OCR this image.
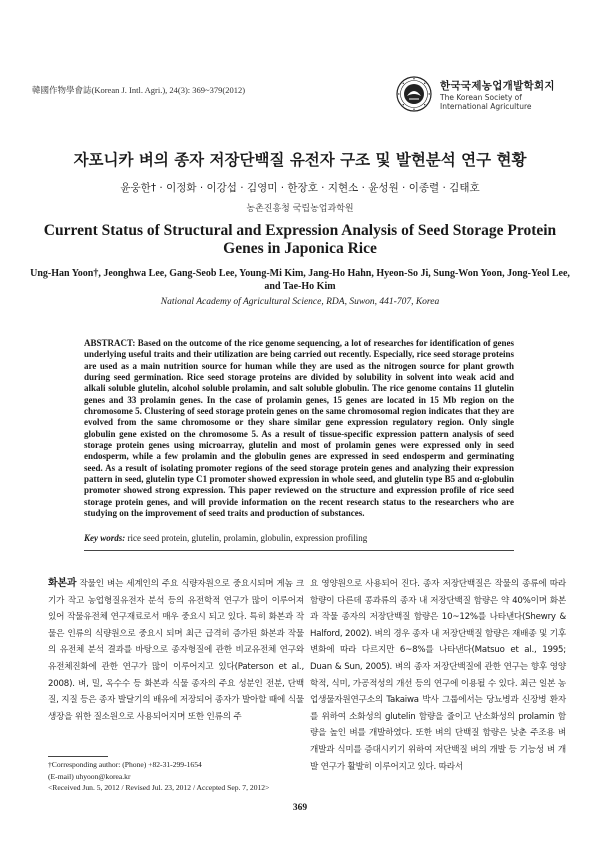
韓國作物學會誌(Korean J. Intl. Agri.), 24(3): 369~379(2012)	한국국제농업개발학회지
The Korean Society of International Agriculture
자포니카 벼의 종자 저장단백질 유전자 구조 및 발현분석 연구 현황
윤웅한† · 이정화 · 이강섭 · 김영미 · 한장호 · 지현소 · 윤성원 · 이종렬 · 김태호
농촌진흥청 국립농업과학원
Current Status of Structural and Expression Analysis of Seed Storage Protein Genes in Japonica Rice
Ung-Han Yoon†, Jeonghwa Lee, Gang-Seob Lee, Young-Mi Kim, Jang-Ho Hahn, Hyeon-So Ji, Sung-Won Yoon, Jong-Yeol Lee, and Tae-Ho Kim
National Academy of Agricultural Science, RDA, Suwon, 441-707, Korea
ABSTRACT: Based on the outcome of the rice genome sequencing, a lot of researches for identification of genes underlying useful traits and their utilization are being carried out recently. Especially, rice seed storage proteins are used as a main nutrition source for human while they are used as the nitrogen source for plant growth during seed germination. Rice seed storage proteins are divided by solubility in solvent into weak acid and alkali soluble glutelin, alcohol soluble prolamin, and salt soluble globulin. The rice genome contains 11 glutelin genes and 33 prolamin genes. In the case of prolamin genes, 15 genes are located in 15 Mb region on the chromosome 5. Clustering of seed storage protein genes on the same chromosomal region indicates that they are evolved from the same chromosome or they share similar gene expression regulatory region. Only single globulin gene existed on the chromosome 5. As a result of tissue-specific expression pattern analysis of seed storage protein genes using microarray, glutelin and most of prolamin genes were expressed only in seed endosperm, while a few prolamin and the globulin genes are expressed in seed endosperm and germinating seed. As a result of isolating promoter regions of the seed storage protein genes and analyzing their expression pattern in seed, glutelin type C1 promoter showed expression in whole seed, and glutelin type B5 and α-globulin promoter showed strong expression. This paper reviewed on the structure and expression profile of rice seed storage protein genes, and will provide information on the recent research status to the researchers who are studying on the improvement of seed traits and production of substances.
Key words: rice seed protein, glutelin, prolamin, globulin, expression profiling
화본과 작물인 벼는 세계인의 주요 식량자원으로 중요시되며 게놈 크기가 작고 농업형질유전자 분석 등의 유전학적 연구가 많이 이루어져 있어 작물유전체 연구재료로서 매우 중요시 되고 있다. 특히 화본과 작물은 인류의 식량원으로 중요시 되며 최근 급격히 증가된 화본과 작물의 유전체 분석 결과를 바탕으로 종자형질에 관한 비교유전체 연구와 유전체진화에 관한 연구가 많이 이루어지고 있다(Paterson et al., 2008). 벼, 밀, 옥수수 등 화본과 식물 종자의 주요 성분인 전분, 단백질, 지질 등은 종자 발달기의 배유에 저장되어 종자가 발아할 때에 식물생장을 위한 질소원으로 사용되어지며 또한 인류의 주
요 영양원으로 사용되어 진다. 종자 저장단백질은 작물의 종류에 따라 함량이 다른데 콩과류의 종자 내 저장단백질 함량은 약 40%이며 화본과 작물 종자의 저장단백질 함량은 10~12%를 나타낸다(Shewry & Halford, 2002). 벼의 경우 종자 내 저장단백질 함량은 재배종 및 기후변화에 따라 다르지만 6~8%를 나타낸다(Matsuo et al., 1995; Duan & Sun, 2005). 벼의 종자 저장단백질에 관한 연구는 향후 영양학적, 식미, 가공적성의 개선 등의 연구에 이용될 수 있다. 최근 일본 농업생물자원연구소의 Takaiwa 박사 그룹에서는 당뇨병과 신장병 환자를 위하여 소화성의 glutelin 함량을 줄이고 난소화성의 prolamin 함량을 높인 벼를 개발하였다. 또한 벼의 단백질 함량은 낮춘 주조용 벼 개발과 식미를 증대시키기 위하여 저단백질 벼의 개발 등 기능성 벼 개발 연구가 활발히 이루어지고 있다. 따라서
†Corresponding author: (Phone) +82-31-299-1654
(E-mail) uhyoon@korea.kr
<Received Jun. 5, 2012 / Revised Jul. 23, 2012 / Accepted Sep. 7, 2012>
369
